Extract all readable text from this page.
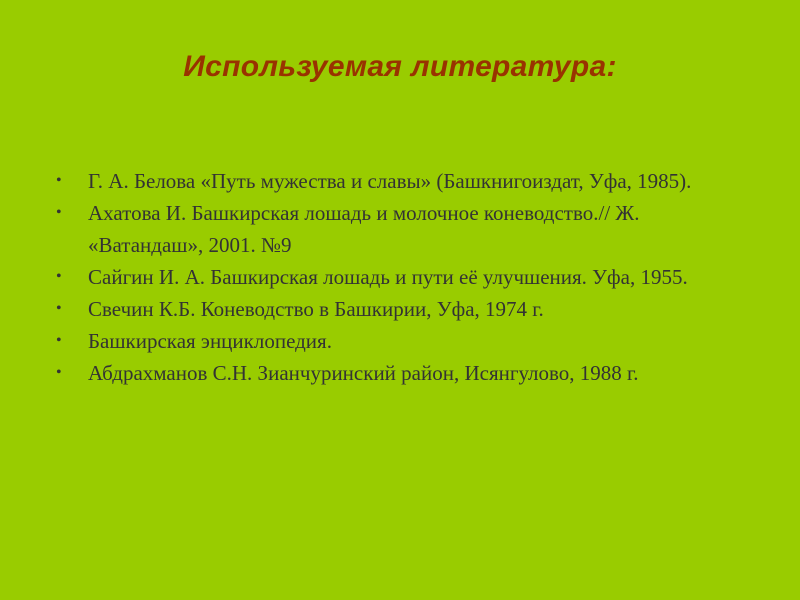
Используемая литература:
• Г. А. Белова «Путь мужества и славы» (Башкнигоиздат, Уфа, 1985).
• Ахатова И. Башкирская лошадь и молочное коневодство.// Ж. «Ватандаш», 2001. №9
• Сайгин И. А. Башкирская лошадь и пути её улучшения. Уфа, 1955.
• Свечин К.Б. Коневодство в Башкирии, Уфа, 1974 г.
• Башкирская энциклопедия.
• Абдрахманов С.Н. Зианчуринский район, Исянгулово, 1988 г.
